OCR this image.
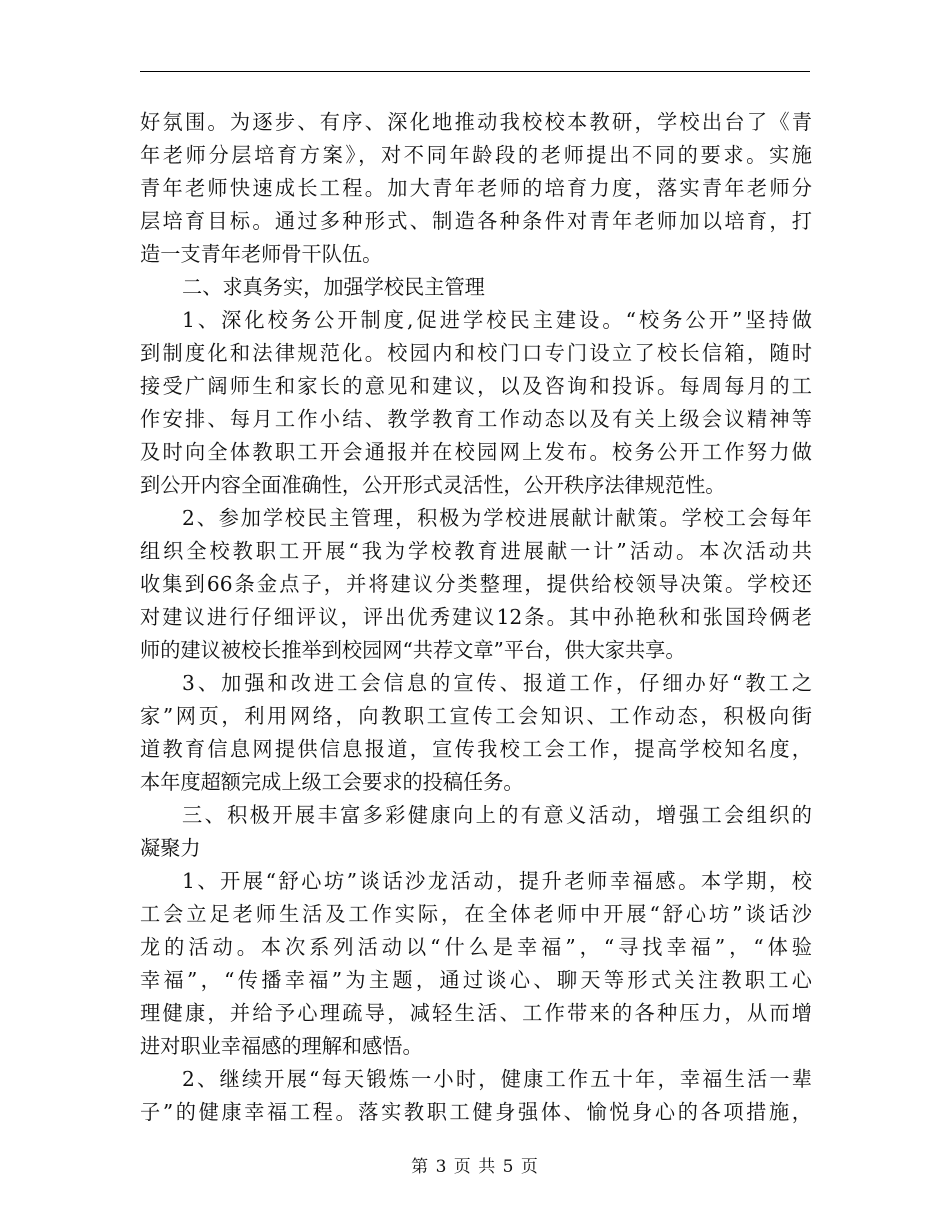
好氛围。为逐步、有序、深化地推动我校校本教研，学校出台了《青
年老师分层培育方案》，对不同年龄段的老师提出不同的要求。实施
青年老师快速成长工程。加大青年老师的培育力度，落实青年老师分
层培育目标。通过多种形式、制造各种条件对青年老师加以培育，打
造一支青年老师骨干队伍。
二、求真务实，加强学校民主管理
1、深化校务公开制度,促进学校民主建设。“校务公开”坚持做
到制度化和法律规范化。校园内和校门口专门设立了校长信箱，随时
接受广阔师生和家长的意见和建议，以及咨询和投诉。每周每月的工
作安排、每月工作小结、教学教育工作动态以及有关上级会议精神等
及时向全体教职工开会通报并在校园网上发布。校务公开工作努力做
到公开内容全面准确性，公开形式灵活性，公开秩序法律规范性。
2、参加学校民主管理，积极为学校进展献计献策。学校工会每年
组织全校教职工开展“我为学校教育进展献一计”活动。本次活动共
收集到66条金点子，并将建议分类整理，提供给校领导决策。学校还
对建议进行仔细评议，评出优秀建议12条。其中孙艳秋和张国玲俩老
师的建议被校长推举到校园网“共荐文章”平台，供大家共享。
3、加强和改进工会信息的宣传、报道工作，仔细办好“教工之
家”网页，利用网络，向教职工宣传工会知识、工作动态，积极向街
道教育信息网提供信息报道，宣传我校工会工作，提高学校知名度，
本年度超额完成上级工会要求的投稿任务。
三、积极开展丰富多彩健康向上的有意义活动，增强工会组织的
凝聚力
1、开展“舒心坊”谈话沙龙活动，提升老师幸福感。本学期，校
工会立足老师生活及工作实际，在全体老师中开展“舒心坊”谈话沙
龙的活动。本次系列活动以“什么是幸福”，“寻找幸福”，“体验
幸福”，“传播幸福”为主题，通过谈心、聊天等形式关注教职工心
理健康，并给予心理疏导，减轻生活、工作带来的各种压力，从而增
进对职业幸福感的理解和感悟。
2、继续开展“每天锻炼一小时，健康工作五十年，幸福生活一辈
子”的健康幸福工程。落实教职工健身强体、愉悦身心的各项措施，
第 3 页 共 5 页
